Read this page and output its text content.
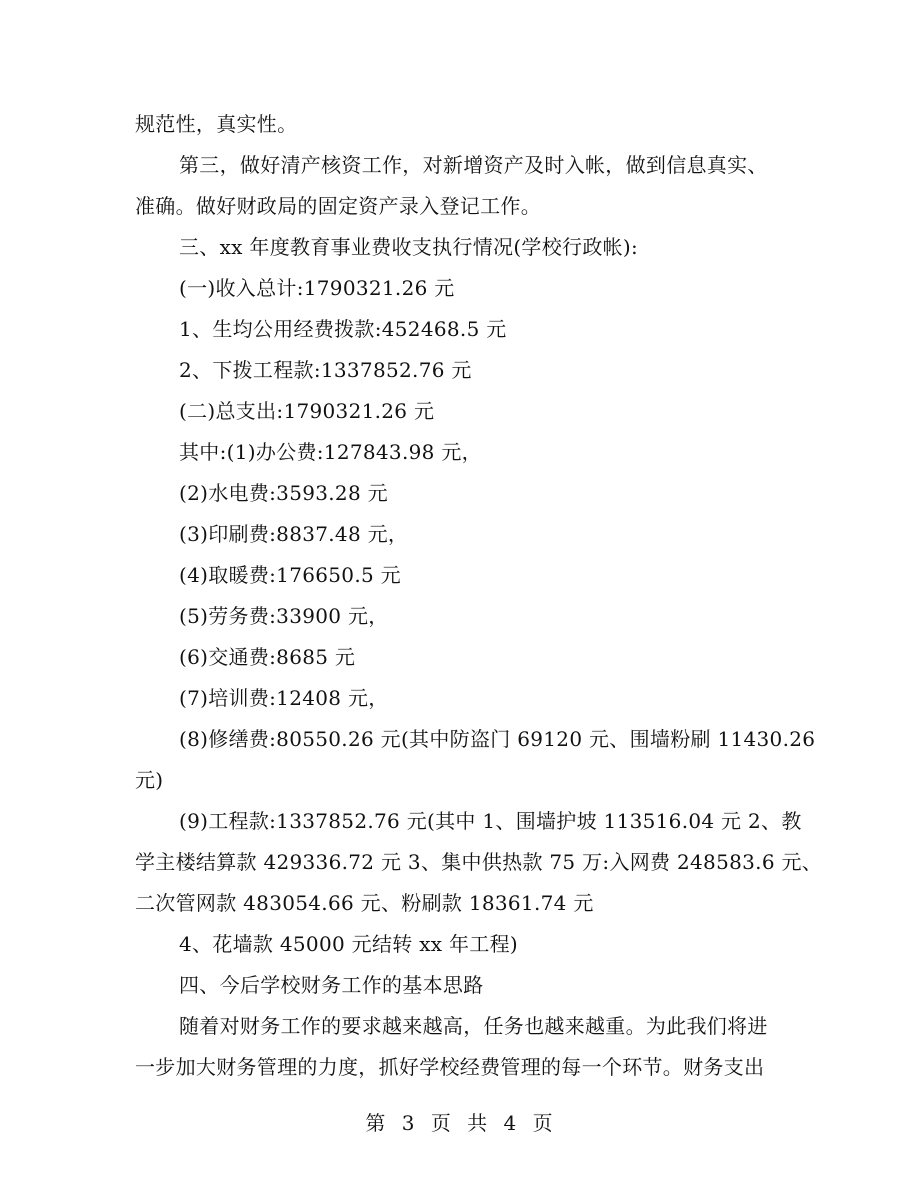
规范性，真实性。
第三，做好清产核资工作，对新增资产及时入帐，做到信息真实、
准确。做好财政局的固定资产录入登记工作。
三、xx 年度教育事业费收支执行情况(学校行政帐):
(一)收入总计:1790321.26 元
1、生均公用经费拨款:452468.5 元
2、下拨工程款:1337852.76 元
(二)总支出:1790321.26 元
其中:(1)办公费:127843.98 元，
(2)水电费:3593.28 元
(3)印刷费:8837.48 元，
(4)取暖费:176650.5 元
(5)劳务费:33900 元，
(6)交通费:8685 元
(7)培训费:12408 元，
(8)修缮费:80550.26 元(其中防盗门 69120 元、围墙粉刷 11430.26
元)
(9)工程款:1337852.76 元(其中 1、围墙护坡 113516.04 元 2、教
学主楼结算款 429336.72 元 3、集中供热款 75 万:入网费 248583.6 元、
二次管网款 483054.66 元、粉刷款 18361.74 元
4、花墙款 45000 元结转 xx 年工程)
四、今后学校财务工作的基本思路
随着对财务工作的要求越来越高，任务也越来越重。为此我们将进
一步加大财务管理的力度，抓好学校经费管理的每一个环节。财务支出
第 3 页 共 4 页
